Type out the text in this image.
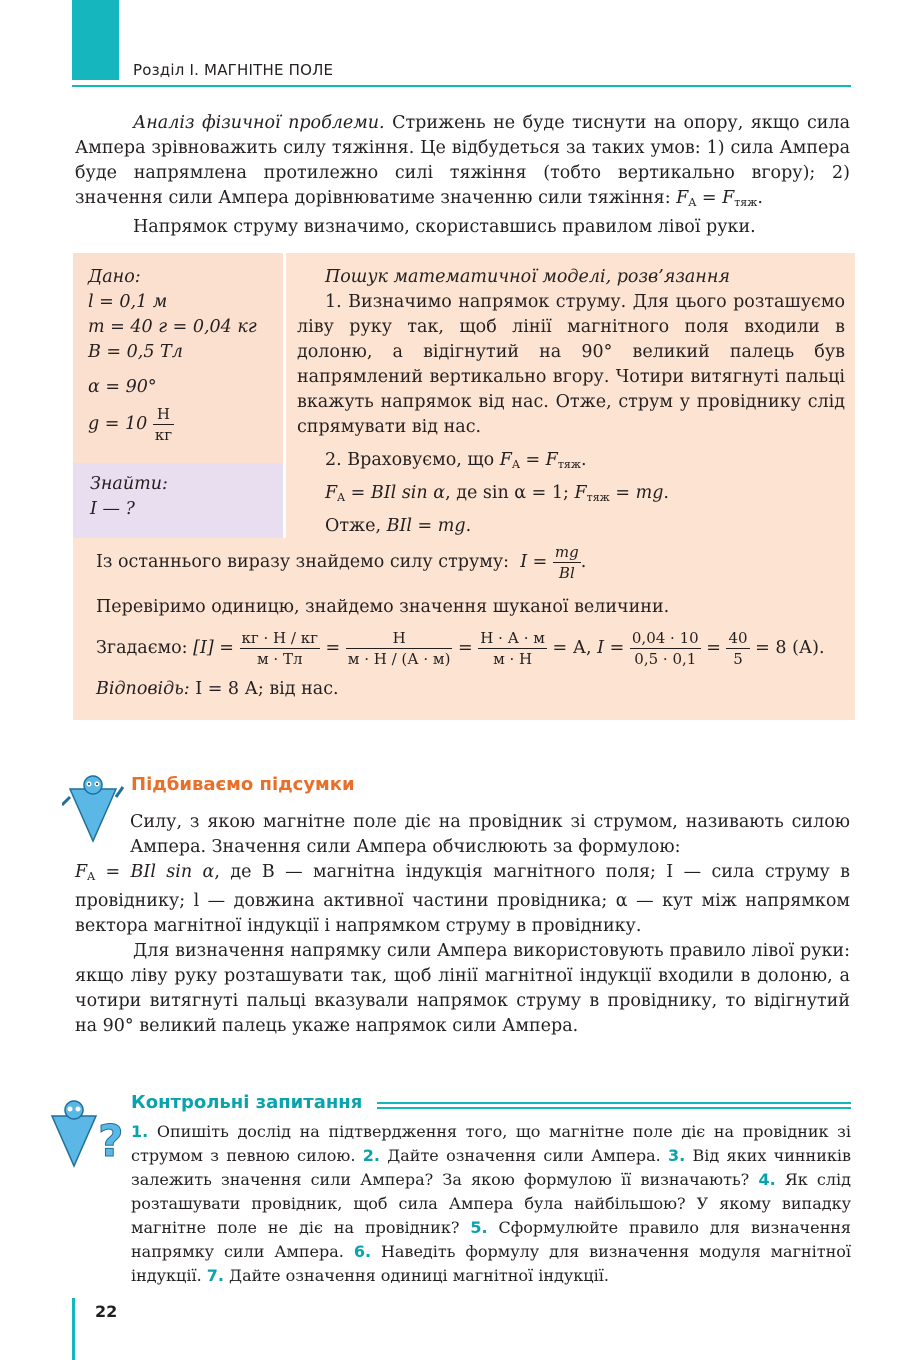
Розділ І. МАГНІТНЕ ПОЛЕ

Аналіз фізичної проблеми. Стрижень не буде тиснути на опору, якщо сила Ампера зрівноважить силу тяжіння. Це відбудеться за таких умов: 1) сила Ампера буде напрямлена протилежно силі тяжіння (тобто вертикально вгору); 2) значення сили Ампера дорівнюватиме значенню сили тяжіння: $F_A = F_{тяж}$.

Напрямок струму визначимо, скориставшись правилом лівої руки.

Дано:
l = 0,1 м
m = 40 г = 0,04 кг
B = 0,5 Тл
α = 90°
$g = 10 \frac{Н}{кг}$
Знайти:
I — ?

Пошук математичної моделі, розв’язання

1. Визначимо напрямок струму. Для цього розташуємо ліву руку так, щоб лінії магнітного поля входили в долоню, а відігнутий на 90° великий палець був напрямлений вертикально вгору. Чотири витягнуті пальці вкажуть напрямок від нас. Отже, струм у провіднику слід спрямувати від нас.

2. Враховуємо, що $F_A = F_{тяж}$.

$F_A$ = BIl sin α, де sin α = 1; $F_{тяж}$ = mg.

Отже, BIl = mg.

Із останнього виразу знайдемо силу струму: $I = \frac{mg}{Bl}$ .

Перевіримо одиницю, знайдемо значення шуканої величини.

Згадаємо: $[I] = \frac{кг \cdot Н / кг}{м \cdot Тл} = \frac{Н}{м \cdot Н / (А \cdot м)} = \frac{Н \cdot А \cdot м}{м \cdot Н} = А$, $I = \frac{0,04 \cdot 10}{0,5 \cdot 0,1} = \frac{40}{5} = 8$ (А).

Відповідь: I = 8 А; від нас.

Підбиваємо підсумки

Силу, з якою магнітне поле діє на провідник зі струмом, називають силою Ампера. Значення сили Ампера обчислюють за формулою:

$F_A$ = BIl sin α, де B — магнітна індукція магнітного поля; I — сила струму в провіднику; l — довжина активної частини провідника; α — кут між напрямком вектора магнітної індукції і напрямком струму в провіднику.

Для визначення напрямку сили Ампера використовують правило лівої руки: якщо ліву руку розташувати так, щоб лінії магнітної індукції входили в долоню, а чотири витягнуті пальці вказували напрямок струму в провіднику, то відігнутий на 90° великий палець укаже напрямок сили Ампера.

?
Контрольні запитання

1. Опишіть дослід на підтвердження того, що магнітне поле діє на провідник зі струмом з певною силою. 2. Дайте означення сили Ампера. 3. Від яких чинників залежить значення сили Ампера? За якою формулою її визначають? 4. Як слід розташувати провідник, щоб сила Ампера була найбільшою? У якому випадку магнітне поле не діє на провідник? 5. Сформулюйте правило для визначення напрямку сили Ампера. 6. Наведіть формулу для визначення модуля магнітної індукції. 7. Дайте означення одиниці магнітної індукції.

22
